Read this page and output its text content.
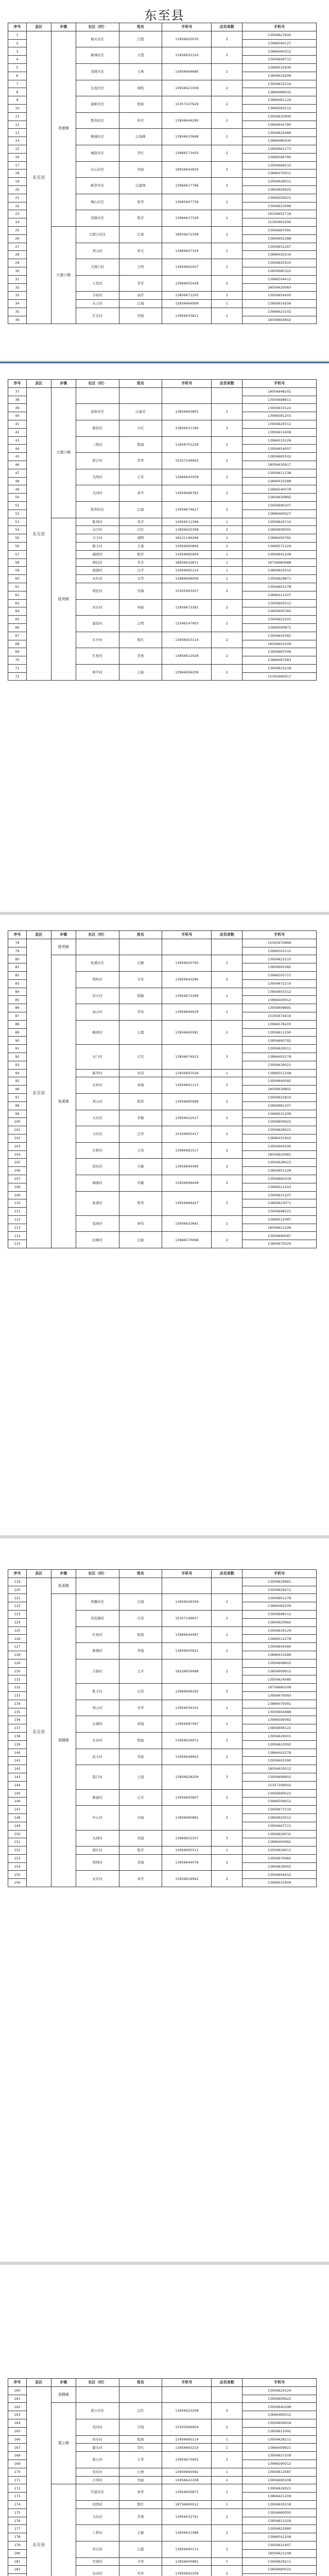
东至县
序号	县区	乡镇	社区（村）	姓名	手机号	店员单数	手机号
1	东至县	尧渡镇	城关社区	汪霞	13956620030	2	13956627600
2							13966590127
3			新城社区	方慧	13956632120	2	13866490312
4							13956609712
5			尧渡社区	王燕	13956664680	2	13966532930
6							13856624299
7			东流社区	胡凯	13956621009	2	13956632216
8							13866486032
9			建新社区	程丽	15357167629	2	13866481129
10							13966583212
11			胜利社区	何芳	13956644290	2	13956630990
12							13856642780
13			梅城社区	汪海燕	13956633668	2	13956625089
14							13866480930
15			城南社区	李红	13966573450	2	13856661273
16							13966566780
17			东山社区	吴丽	18056642830	2	13956668210
18							13866470911
19			新华社区	汪建国	13966617786	2	13956628011
20							13856656920
21			梅山社区	张华	13665667739	2	13966559021
22							13956623088
23			黄墩社区	程芳	13966617328	2	18256652716
24							15305663290
25		大渡口镇	大渡口社区	汪勇	18056672308	2	13956687091
26							13856602288
27			青山村	章文	13966647329	2	13956631267
28							13866430216
29			大渡口村	王明	13956662007	2	13956625910
30							13856680322
31			七里村	李军	13966655428	2	13966504412
32							18056620083
33			丰收村	刘芳	13856671205	2	13956654400
34			永丰村	汪海	13956664908	1	13856614206
35			红光村	吴强	13956633811	2	13966623102
36							18056693802
序号	县区	乡镇	社区（村）	姓名	手机号	店员单数	手机号
37	东至县	大渡口镇					18056648202
38							13956698811
39			老街社区	汪丽芬	13856663805	2	13956633122
40							13966581203
41			新民村	方红	13856631180	2	13956629312
42							13856611608
43			三联村	程海	13956701229	2	13966510229
44							13956654007
45			联合村	李华	15357169902	2	13856685502
46							18056630917
47			光明村	王军	13966643309	2	13956611238
48							13866410288
49			大同村	章平	13956696782	2	13966540078
50							13856630892
51			胜利社区	汪建	13956674617	2	13956690207
52							13866460927
53		胜利镇	胜利村	吴芳	13956511399	1	13956626710
54			白沙村	汪红	13956620308	2	13856609091
55			合丰村	胡明	18121196296	2	13866450782
56			新丰村	王勇	13956690890	2	13966571229
57			湖滨村	程军	13956695909	1	13956641208
58			团结村	李芳	18056632871	1	18756680988
59			南湖村	汪平	13956695114	1	13856623012
60			永红村	方华	13966698009	1	13956629871
61			利民村	吴海	15305663207	2	13956601278
62							13866411027
63			河东村	章丽	13956673381	2	13956605512
64							13856600782
65			建设村	汪明	13349147903	2	13956622201
66							13966590871
67			东升村	程红	13956653114	2	13956643382
68							18056602209
69			红星村	李勇	13856612028	2	13956687006
70							13866497083
71			和平村	王丽	13966656209	2	13956623218
72							15305660917
序号	县区	乡镇	社区（村）	姓名	手机号	店员单数	手机号
78	东至县	胜利镇					15305670868
79							13966502212
80		张溪镇	张溪社区	汪敏	13956620790	2	13956623210
81							13856691082
82			西岭村	方军	13956643280	2	13966505721
83							13956672210
84			洪方村	程敏	13956672289	2	13856603312
85							13866400912
86			高山村	李伟	13956694629	2	13956608891
87							15305674416
88			桃园村	王霞	13956660081	2	13966578203
89							13956611290
90							13856690782
91			石门村	汪军	13856674923	3	13956629011
92							13866402278
93							13956639021
94			新华村	吴伟	13956697026	1	13966551208
95			长岭村	章海	13956691112	2	13956640092
96							18056639802
97			青山村	程伟	13956685999	2	13956625810
98							13856681207
99			大坑村	李敏	13956622017	2	13966531209
100							13956609922
101			马坑村	汪华	15356695417	2	13956628021
102							13866431902
103			东桥村	王伟	13966681517	2	13956664290
104							18056620981
105			洪坑村	方敏	13956694490	2	13956628023
106							13856601228
107			梅溪村	吴敏	13956699449	2	13956690209
108							13966521203
109			张溪村	程华	13956684427	3	13956631207
110							13856623071
111							13956698221
112			花园村	章伟	13956632691	2	13966512087
113							18056611208
114			仙寓村	汪丽	13966570068	2	13956690087
115							13856670029
序号	县区	乡镇	社区（村）	姓名	手机号	店员单数	手机号
119	东至县	张溪镇					13956629981
120							13956629211
121		香隅镇	香隅社区	汪强	13956628309	2	13956601278
122							13866482209
123			黄泥湖村	方伟	15357199637	2	13956698112
124							13856620982
125			红星村	程强	13966644087	2	13956618129
126							13966512278
127			新城村	李强	13956600921	2	13956644480
128							13866410289
129			合镇村	王芳	18256659998	2	13956608802
130							13856609912
131							13956624080
132			胜丰村	汪伟	13966669292	3	18756680208
133							13956670093
134			香山村	吴华	13956639101	2	13866470091
135							13956604488
136			东湖村	章强	13956687097	2	13966590082
137							13856606122
138			长春村	程丽	13956626972	2	13956629001
139							13956623092
140			民丰村	李丽	13956648903	2	13866402278
141							13956602390
142			港口村	王强	13956628209	3	18056633012
143							13956698802
144							15357169002
145			新建村	汪芳	13956693807	2	13956690021
146							13966509912
147			中心村	方丽	13956690881	2	13956677210
148							13856623012
149							13956607721
150			大洲村	吴强	13966652207	3	13956629032
151							13866400982
152			湖东村	程芳	13956695511	1	13956629011
153			团洲村	李海	13956644478	2	13956670982
154							13856639002
155			永安村	章芳	13956629942	2	13956604412
156							13966531909
序号	县区	乡镇	社区（村）	姓名	手机号	店员单数	手机号
160	东至县	香隅镇					13956624129
161							13956609922
162		葛公镇	葛公社区	汪红	13956623208	3	13956640298
163							13866490012
164			双河村	方强	15305666904	2	13956609918
165							13856612092
166			同乐村	程勇	13956690114	1	13956628211
167			源头村	李红	13956662210	1	13866409921
168			葛公村	王华	13956675903	2	13956627209
169							13966590012
170			堂坑村	汪勇	13956690082	1	13956612087
171			合利村	吴丽	13956622208	1	13856690208
172			官港社区	章华	13956600871	2	13956629021
173							13866421209
174			河西村	程红	18756680012	1	13956630218
175			马坑村	李勇	13956632791	2	13956680091
176							13856611029
177			丁桥村	王敏	13956621088	2	13956622980
178							13966541208
179			黄石村	汪霞	13956690112	2	13956621907
180							18056621208
181			官港村	方华	13956600981	1	13956629211
182			良田村	吴军	13956692209	2	13856680022
